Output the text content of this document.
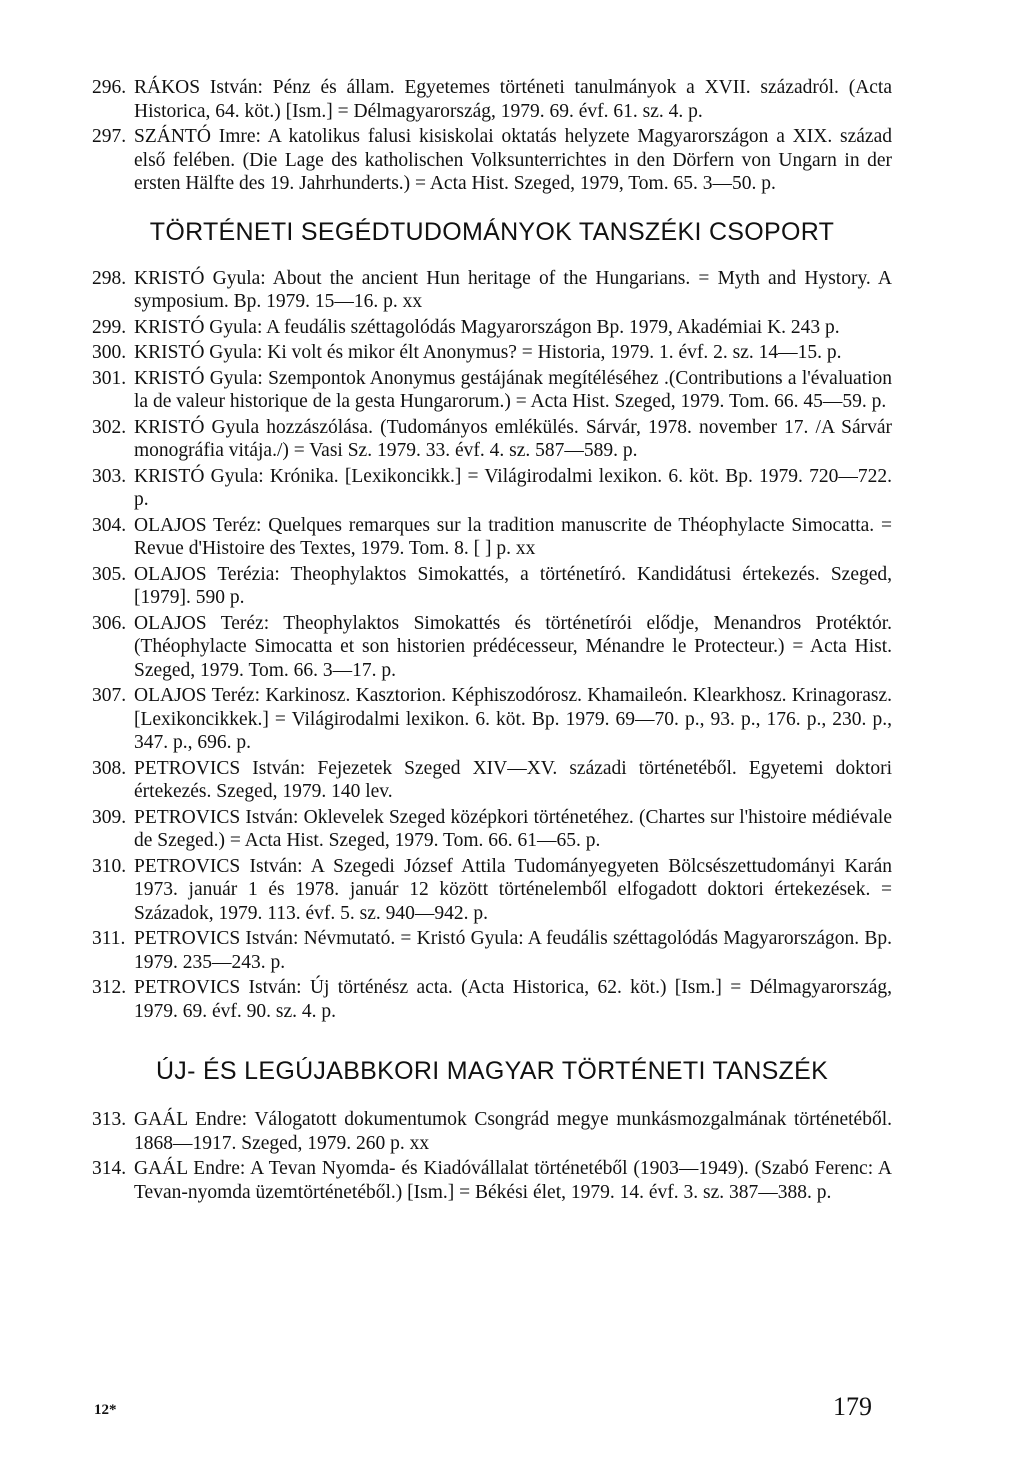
296. RÁKOS István: Pénz és állam. Egyetemes történeti tanulmányok a XVII. századról. (Acta Historica, 64. köt.) [Ism.] = Délmagyarország, 1979. 69. évf. 61. sz. 4. p.
297. SZÁNTÓ Imre: A katolikus falusi kisiskolai oktatás helyzete Magyarországon a XIX. század első felében. (Die Lage des katholischen Volksunterrichtes in den Dörfern von Ungarn in der ersten Hälfte des 19. Jahrhunderts.) = Acta Hist. Szeged, 1979, Tom. 65. 3—50. p.
TÖRTÉNETI SEGÉDTUDOMÁNYOK TANSZÉKI CSOPORT
298. KRISTÓ Gyula: About the ancient Hun heritage of the Hungarians. = Myth and Hystory. A symposium. Bp. 1979. 15—16. p. xx
299. KRISTÓ Gyula: A feudális széttagolódás Magyarországon Bp. 1979, Akadémiai K. 243 p.
300. KRISTÓ Gyula: Ki volt és mikor élt Anonymus? = Historia, 1979. 1. évf. 2. sz. 14—15. p.
301. KRISTÓ Gyula: Szempontok Anonymus gestájának megítéléséhez .(Contributions a l'évaluation la de valeur historique de la gesta Hungarorum.) = Acta Hist. Szeged, 1979. Tom. 66. 45—59. p.
302. KRISTÓ Gyula hozzászólása. (Tudományos emlékülés. Sárvár, 1978. november 17. /A Sárvár monográfia vitája./) = Vasi Sz. 1979. 33. évf. 4. sz. 587—589. p.
303. KRISTÓ Gyula: Krónika. [Lexikoncikk.] = Világirodalmi lexikon. 6. köt. Bp. 1979. 720—722. p.
304. OLAJOS Teréz: Quelques remarques sur la tradition manuscrite de Théophylacte Simocatta. = Revue d'Histoire des Textes, 1979. Tom. 8. [ ] p. xx
305. OLAJOS Terézia: Theophylaktos Simokattés, a történetíró. Kandidátusi értekezés. Szeged, [1979]. 590 p.
306. OLAJOS Teréz: Theophylaktos Simokattés és történetírói elődje, Menandros Protéktór. (Théophylacte Simocatta et son historien prédécesseur, Ménandre le Protecteur.) = Acta Hist. Szeged, 1979. Tom. 66. 3—17. p.
307. OLAJOS Teréz: Karkinosz. Kasztorion. Képhiszodórosz. Khamaileón. Klearkhosz. Krinagorasz. [Lexikoncikkek.] = Világirodalmi lexikon. 6. köt. Bp. 1979. 69—70. p., 93. p., 176. p., 230. p., 347. p., 696. p.
308. PETROVICS István: Fejezetek Szeged XIV—XV. századi történetéből. Egyetemi doktori értekezés. Szeged, 1979. 140 lev.
309. PETROVICS István: Oklevelek Szeged középkori történetéhez. (Chartes sur l'histoire médiévale de Szeged.) = Acta Hist. Szeged, 1979. Tom. 66. 61—65. p.
310. PETROVICS István: A Szegedi József Attila Tudományegyeten Bölcsészettudományi Karán 1973. január 1 és 1978. január 12 között történelemből elfogadott doktori értekezések. = Századok, 1979. 113. évf. 5. sz. 940—942. p.
311. PETROVICS István: Névmutató. = Kristó Gyula: A feudális széttagolódás Magyarországon. Bp. 1979. 235—243. p.
312. PETROVICS István: Új történész acta. (Acta Historica, 62. köt.) [Ism.] = Délmagyarország, 1979. 69. évf. 90. sz. 4. p.
ÚJ- ÉS LEGÚJABBKORI MAGYAR TÖRTÉNETI TANSZÉK
313. GAÁL Endre: Válogatott dokumentumok Csongrád megye munkásmozgalmának történetéből. 1868—1917. Szeged, 1979. 260 p. xx
314. GAÁL Endre: A Tevan Nyomda- és Kiadóvállalat történetéből (1903—1949). (Szabó Ferenc: A Tevan-nyomda üzemtörténetéből.) [Ism.] = Békési élet, 1979. 14. évf. 3. sz. 387—388. p.
12*	179
